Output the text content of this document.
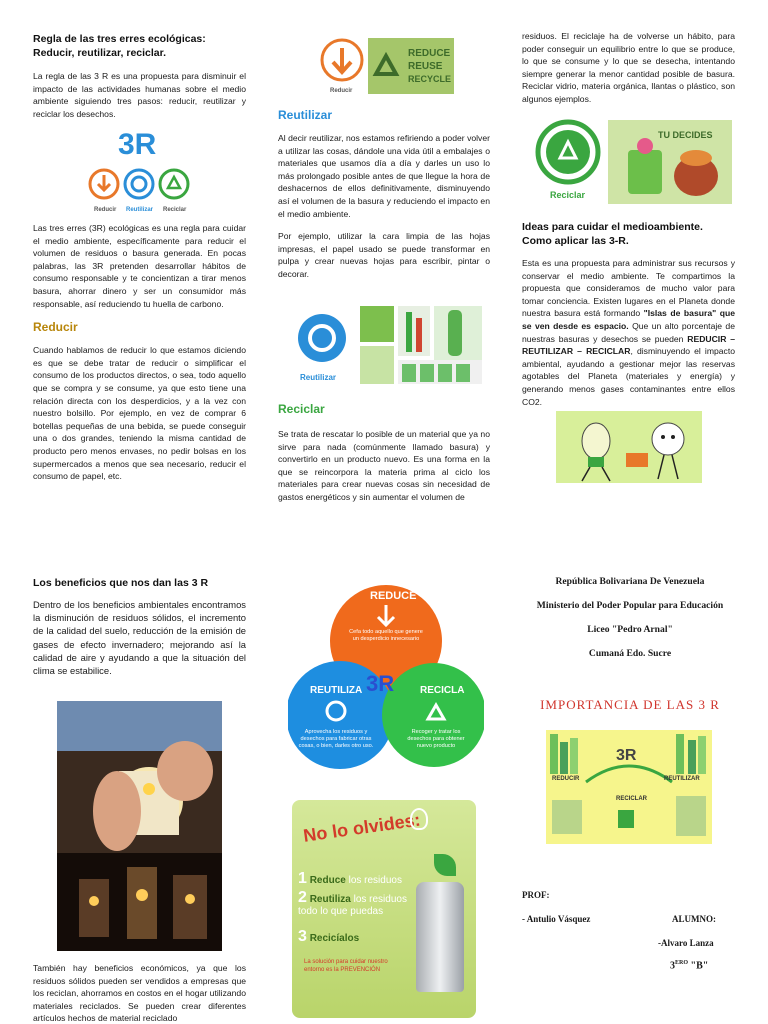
Regla de las tres erres ecológicas:
Reducir, reutilizar, reciclar.

La regla de las 3 R es una propuesta para disminuir el impacto de las actividades humanas sobre el medio ambiente siguiendo tres pasos: reducir, reutilizar y reciclar los desechos.

3R
Reducir Reutilizar Reciclar

Las tres erres (3R) ecológicas es una regla para cuidar el medio ambiente, específicamente para reducir el volumen de residuos o basura generada. En pocas palabras, las 3R pretenden desarrollar hábitos de consumo responsable y te concientizan a tirar menos basura, ahorrar dinero y ser un consumidor más responsable, así reduciendo tu huella de carbono.

Reducir

Cuando hablamos de reducir lo que estamos diciendo es que se debe tratar de reducir o simplificar el consumo de los productos directos, o sea, todo aquello que se compra y se consume, ya que esto tiene una relación directa con los desperdicios, y a la vez con nuestro bolsillo. Por ejemplo, en vez de comprar 6 botellas pequeñas de una bebida, se puede conseguir una o dos grandes, teniendo la misma cantidad de producto pero menos envases, no pedir bolsas en los supermercados a menos que sea necesario, reducir el consumo de papel, etc.

Reducir
REDUCE
REUSE
RECYCLE
Reutilizar

Al decir reutilizar, nos estamos refiriendo a poder volver a utilizar las cosas, dándole una vida útil a embalajes o materiales que usamos día a día y darles un uso lo más prolongado posible antes de que llegue la hora de deshacernos de ellos definitivamente, disminuyendo así el volumen de la basura y reduciendo el impacto en el medio ambiente.

Por ejemplo, utilizar la cara limpia de las hojas impresas, el papel usado se puede transformar en pulpa y crear nuevas hojas para escribir, pintar o decorar.

Reutilizar
Reciclar

Se trata de rescatar lo posible de un material que ya no sirve para nada (comúnmente llamado basura) y convertirlo en un producto nuevo. Es una forma en la que se reincorpora la materia prima al ciclo los materiales para crear nuevas cosas sin necesidad de gastos energéticos y sin aumentar el volumen de

residuos. El reciclaje ha de volverse un hábito, para poder conseguir un equilibrio entre lo que se produce, lo que se consume y lo que se desecha, intentando siempre generar la menor cantidad posible de basura. Reciclar vidrio, materia orgánica, llantas o plástico, son algunos ejemplos.

Reciclar
TU DECIDES
Ideas para cuidar el medioambiente.
Como aplicar las 3-R.

Esta es una propuesta para administrar sus recursos y conservar el medio ambiente. Te compartimos la propuesta que consideramos de mucho valor para tomar conciencia. Existen lugares en el Planeta donde nuestra basura está formando "Islas de basura" que se ven desde es espacio. Que un alto porcentaje de nuestras basuras y desechos se pueden REDUCIR – REUTILIZAR – RECICLAR, disminuyendo el impacto ambiental, ayudando a gestionar mejor las reservas agotables del Planeta (materiales y energía) y generando menos gases contaminantes entre ellos CO2.

Los beneficios que nos dan las 3 R

Dentro de los beneficios ambientales encontramos la disminución de residuos sólidos, el incremento de la calidad del suelo, reducción de la emisión de gases de efecto invernadero; mejorando así la calidad de aire y ayudando a que la situación del clima se estabilice.

También hay beneficios económicos, ya que los residuos sólidos pueden ser vendidos a empresas que los reciclan, ahorramos en costos en el hogar utilizando materiales reciclados. Se pueden crear diferentes artículos hechos de material reciclado

REDUCE
REUTILIZA	RECICLA
3R
Cefa todo aquello que genere un desperdicio innecesario
Aprovecha los residuos y desechos para fabricar otras cosas, o bien, darles otro uso.
Recoger y tratar los desechos para obtener nuevo producto
No lo olvides:
1 Reduce los residuos
2 Reutiliza los residuos todo lo que puedas
3 Recicíalos
La solución para cuidar nuestro entorno es la PREVENCIÓN
República Bolivariana De Venezuela
Ministerio del Poder Popular para Educación
Liceo "Pedro Arnal"
Cumaná Edo. Sucre
IMPORTANCIA DE LAS 3 R
3R
REDUCIR	REUTILIZAR
RECICLAR
PROF:
- Antulio Vásquez	ALUMNO:
-Alvaro Lanza
$3^{ERO}$ "B"
